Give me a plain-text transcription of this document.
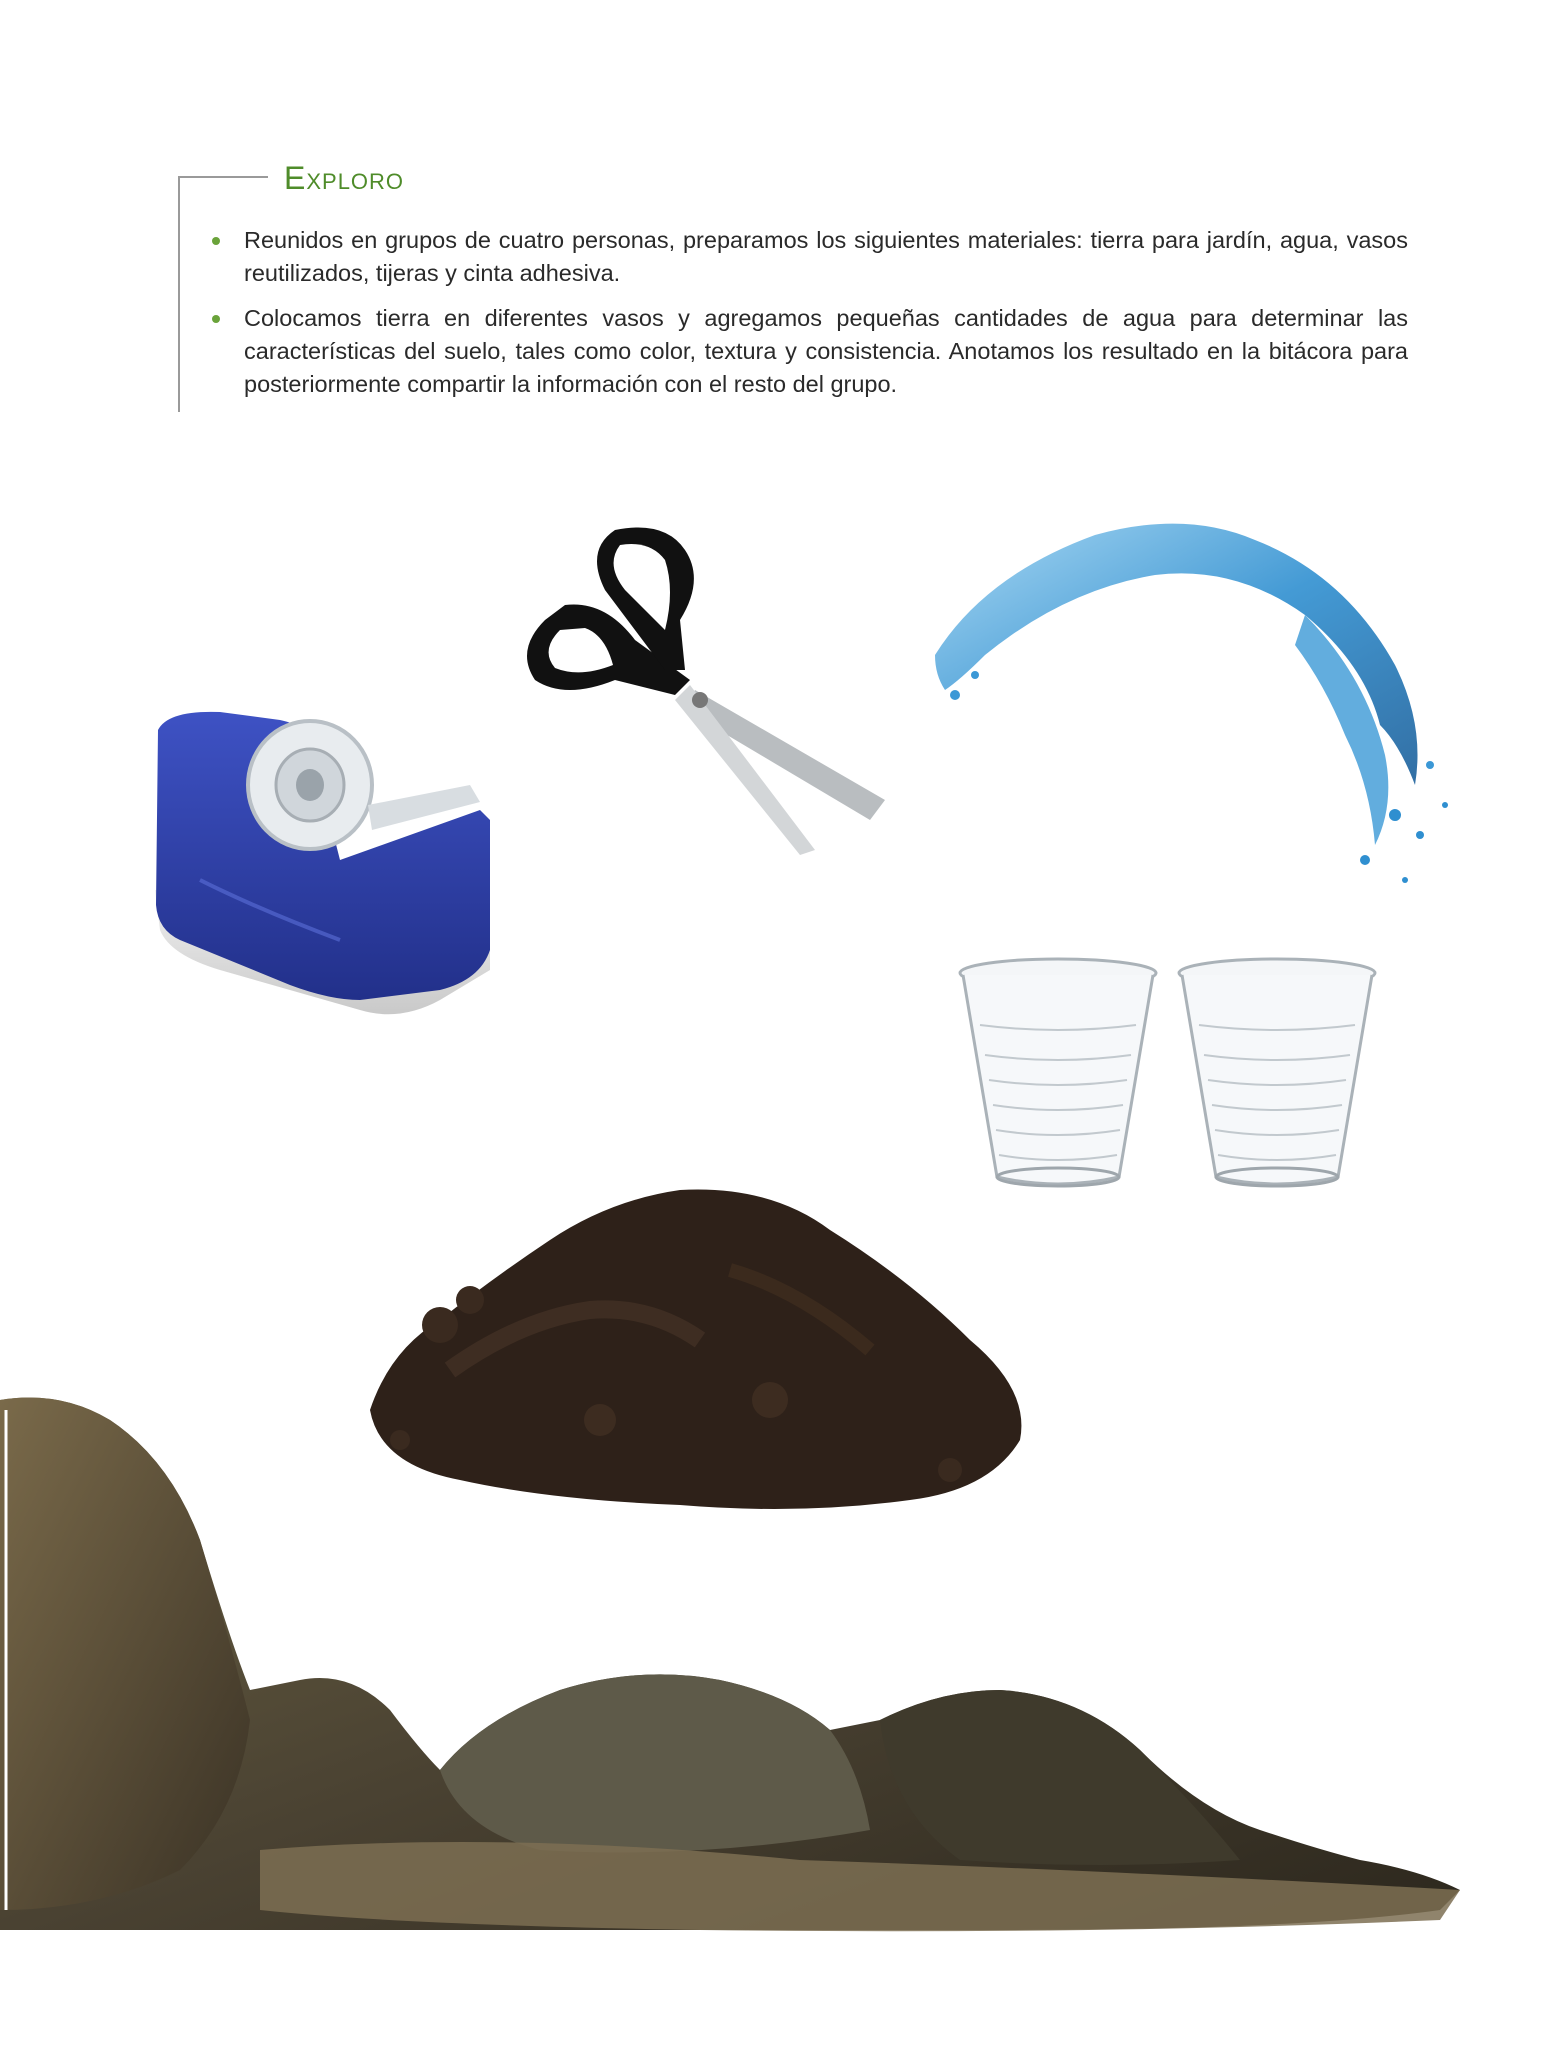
Exploro
Reunidos en grupos de cuatro personas, preparamos los siguientes materiales: tierra para jardín, agua, vasos reutilizados, tijeras y cinta adhesiva.
Colocamos tierra en diferentes vasos y agregamos pequeñas cantidades de agua para determinar las características del suelo, tales como color, textura y consistencia. Anotamos los resultado en la bitácora para posteriormente compartir la información con el resto del grupo.
